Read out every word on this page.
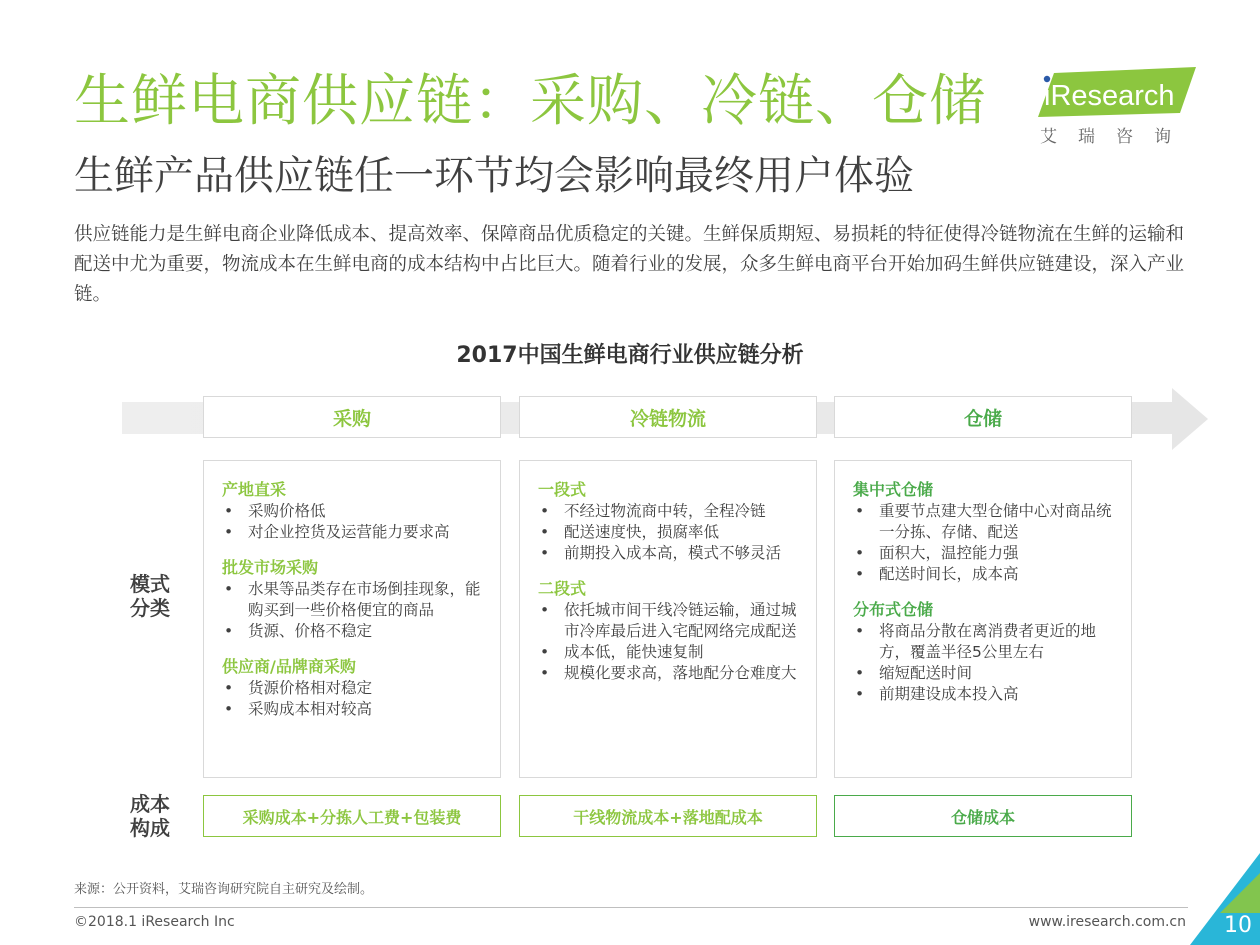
生鲜电商供应链：采购、冷链、仓储
生鲜产品供应链任一环节均会影响最终用户体验
供应链能力是生鲜电商企业降低成本、提高效率、保障商品优质稳定的关键。生鲜保质期短、易损耗的特征使得冷链物流在生鲜的运输和配送中尤为重要，物流成本在生鲜电商的成本结构中占比巨大。随着行业的发展，众多生鲜电商平台开始加码生鲜供应链建设，深入产业链。
iResearch
艾瑞咨询
2017中国生鲜电商行业供应链分析
采购	冷链物流	仓储
模式
分类
成本
构成
产地直采
• 采购价格低
• 对企业控货及运营能力要求高
批发市场采购
• 水果等品类存在市场倒挂现象，能购买到一些价格便宜的商品
• 货源、价格不稳定
供应商/品牌商采购
• 货源价格相对稳定
• 采购成本相对较高
一段式
• 不经过物流商中转，全程冷链
• 配送速度快，损腐率低
• 前期投入成本高，模式不够灵活
二段式
• 依托城市间干线冷链运输，通过城市冷库最后进入宅配网络完成配送
• 成本低，能快速复制
• 规模化要求高，落地配分仓难度大
集中式仓储
• 重要节点建大型仓储中心对商品统一分拣、存储、配送
• 面积大，温控能力强
• 配送时间长，成本高
分布式仓储
• 将商品分散在离消费者更近的地方，覆盖半径5公里左右
• 缩短配送时间
• 前期建设成本投入高
采购成本+分拣人工费+包装费	干线物流成本+落地配成本	仓储成本
来源：公开资料，艾瑞咨询研究院自主研究及绘制。
©2018.1 iResearch Inc	www.iresearch.com.cn 10
